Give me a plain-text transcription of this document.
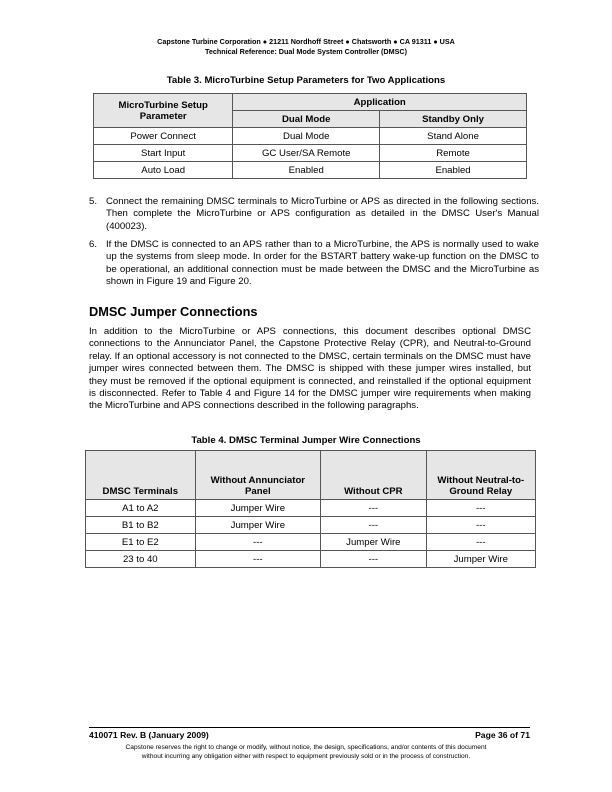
Capstone Turbine Corporation ● 21211 Nordhoff Street ● Chatsworth ● CA 91311 ● USA
Technical Reference: Dual Mode System Controller (DMSC)
Table 3. MicroTurbine Setup Parameters for Two Applications
MicroTurbine Setup Parameter	Application	
	Dual Mode	Standby Only
Power Connect	Dual Mode	Stand Alone
Start Input	GC User/SA Remote	Remote
Auto Load	Enabled	Enabled
5. Connect the remaining DMSC terminals to MicroTurbine or APS as directed in the following sections. Then complete the MicroTurbine or APS configuration as detailed in the DMSC User's Manual (400023).
6. If the DMSC is connected to an APS rather than to a MicroTurbine, the APS is normally used to wake up the systems from sleep mode. In order for the BSTART battery wake-up function on the DMSC to be operational, an additional connection must be made between the DMSC and the MicroTurbine as shown in Figure 19 and Figure 20.
DMSC Jumper Connections
In addition to the MicroTurbine or APS connections, this document describes optional DMSC connections to the Annunciator Panel, the Capstone Protective Relay (CPR), and Neutral-to-Ground relay. If an optional accessory is not connected to the DMSC, certain terminals on the DMSC must have jumper wires connected between them. The DMSC is shipped with these jumper wires installed, but they must be removed if the optional equipment is connected, and reinstalled if the optional equipment is disconnected. Refer to Table 4 and Figure 14 for the DMSC jumper wire requirements when making the MicroTurbine and APS connections described in the following paragraphs.
Table 4. DMSC Terminal Jumper Wire Connections
DMSC Terminals	Without Annunciator Panel	Without CPR	Without Neutral-to-Ground Relay
A1 to A2	Jumper Wire	---	---
B1 to B2	Jumper Wire	---	---
E1 to E2	---	Jumper Wire	---
23 to 40	---	---	Jumper Wire
410071 Rev. B (January 2009)	Page 36 of 71
Capstone reserves the right to change or modify, without notice, the design, specifications, and/or contents of this document
without incurring any obligation either with respect to equipment previously sold or in the process of construction.
